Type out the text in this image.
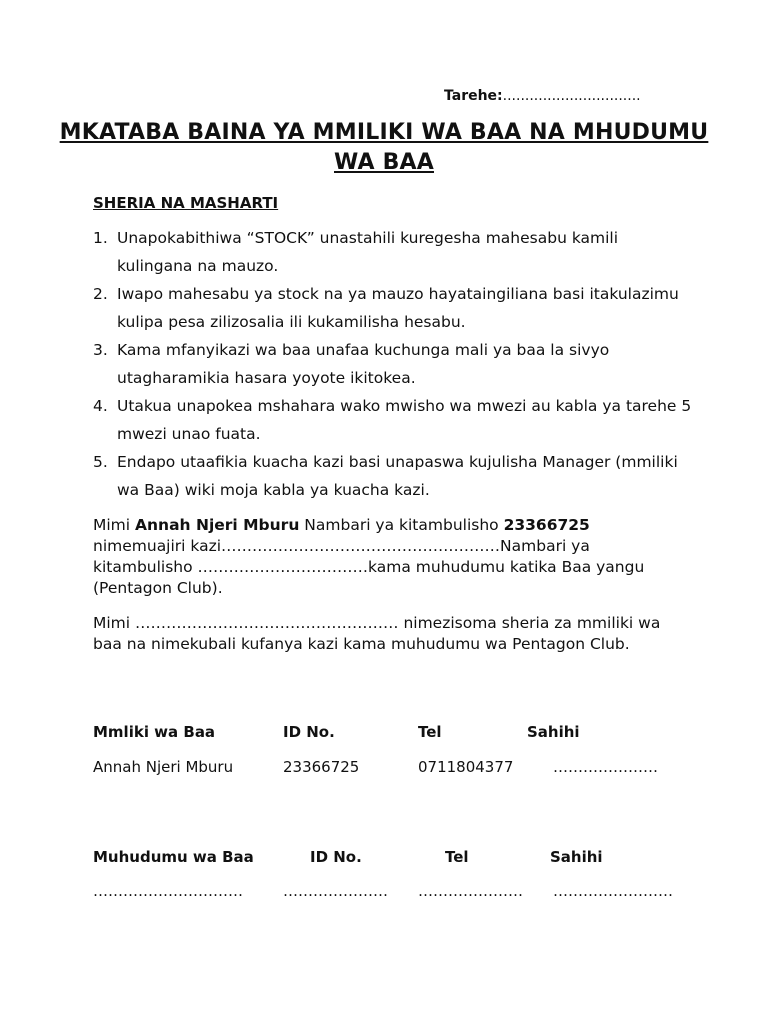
Tarehe:...............................
MKATABA BAINA YA MMILIKI WA BAA NA MHUDUMU WA BAA
SHERIA NA MASHARTI
1. Unapokabithiwa “STOCK” unastahili kuregesha mahesabu kamili kulingana na mauzo.
2. Iwapo mahesabu ya stock na ya mauzo hayataingiliana basi itakulazimu kulipa pesa zilizosalia ili kukamilisha hesabu.
3. Kama mfanyikazi wa baa unafaa kuchunga mali ya baa la sivyo utagharamikia hasara yoyote ikitokea.
4. Utakua unapokea mshahara wako mwisho wa mwezi au kabla ya tarehe 5 mwezi unao fuata.
5. Endapo utaafikia kuacha kazi basi unapaswa kujulisha Manager (mmiliki wa Baa) wiki moja kabla ya kuacha kazi.

Mimi Annah Njeri Mburu Nambari ya kitambulisho 23366725 nimemuajiri kazi………………………………………………Nambari ya kitambulisho ……………………………kama muhudumu katika Baa yangu (Pentagon Club).

Mimi …………………………………………… nimezisoma sheria za mmiliki wa baa na nimekubali kufanya kazi kama muhudumu wa Pentagon Club.

Mmliki wa Baa	ID No.	Tel	Sahihi
Annah Njeri Mburu	23366725	0711804377	…………………
Muhudumu wa Baa	ID No.	Tel	Sahihi
…………………………	………………… ………………… ……………………
